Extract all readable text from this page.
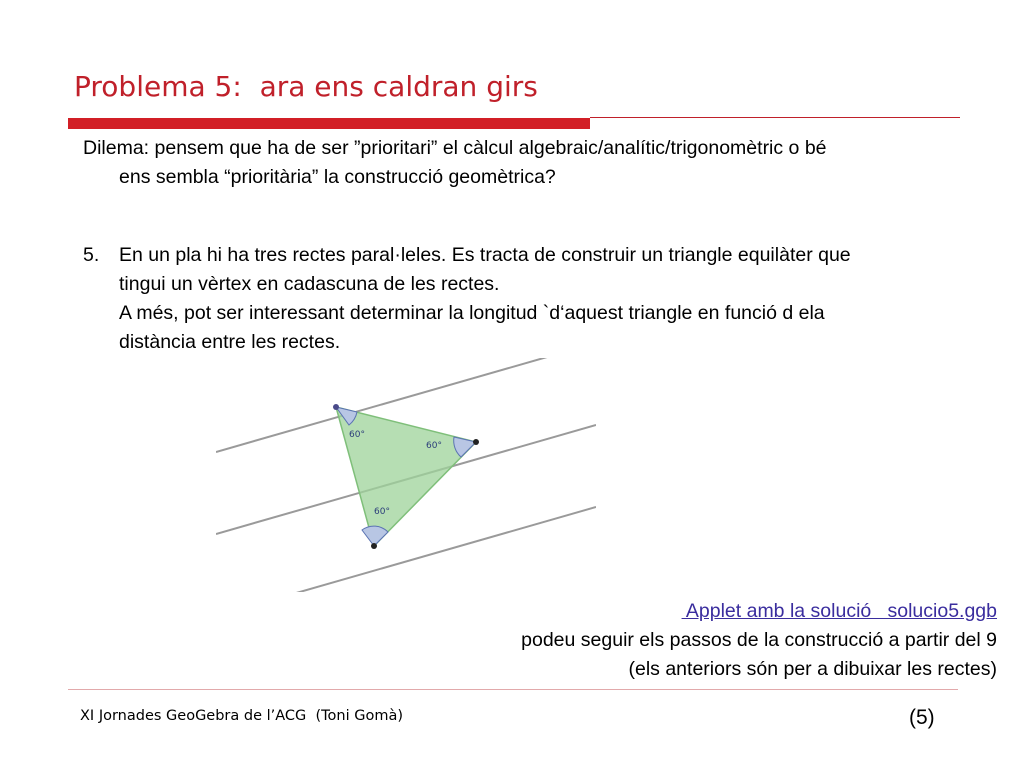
Problema 5:  ara ens caldran girs
Dilema: pensem que ha de ser ”prioritari” el càlcul algebraic/analític/trigonomètric o bé
ens sembla “prioritària” la construcció geomètrica?
5. En un pla hi ha tres rectes paral·leles. Es tracta de construir un triangle equilàter que
tingui un vèrtex en cadascuna de les rectes.
A més, pot ser interessant determinar la longitud `d‘aquest triangle en funció d ela
distància entre les rectes.
60°
60°
60°
Applet amb la solució   solucio5.ggb
podeu seguir els passos de la construcció a partir del 9
(els anteriors són per a dibuixar les rectes)
XI Jornades GeoGebra de l’ACG  (Toni Gomà)	(5)
